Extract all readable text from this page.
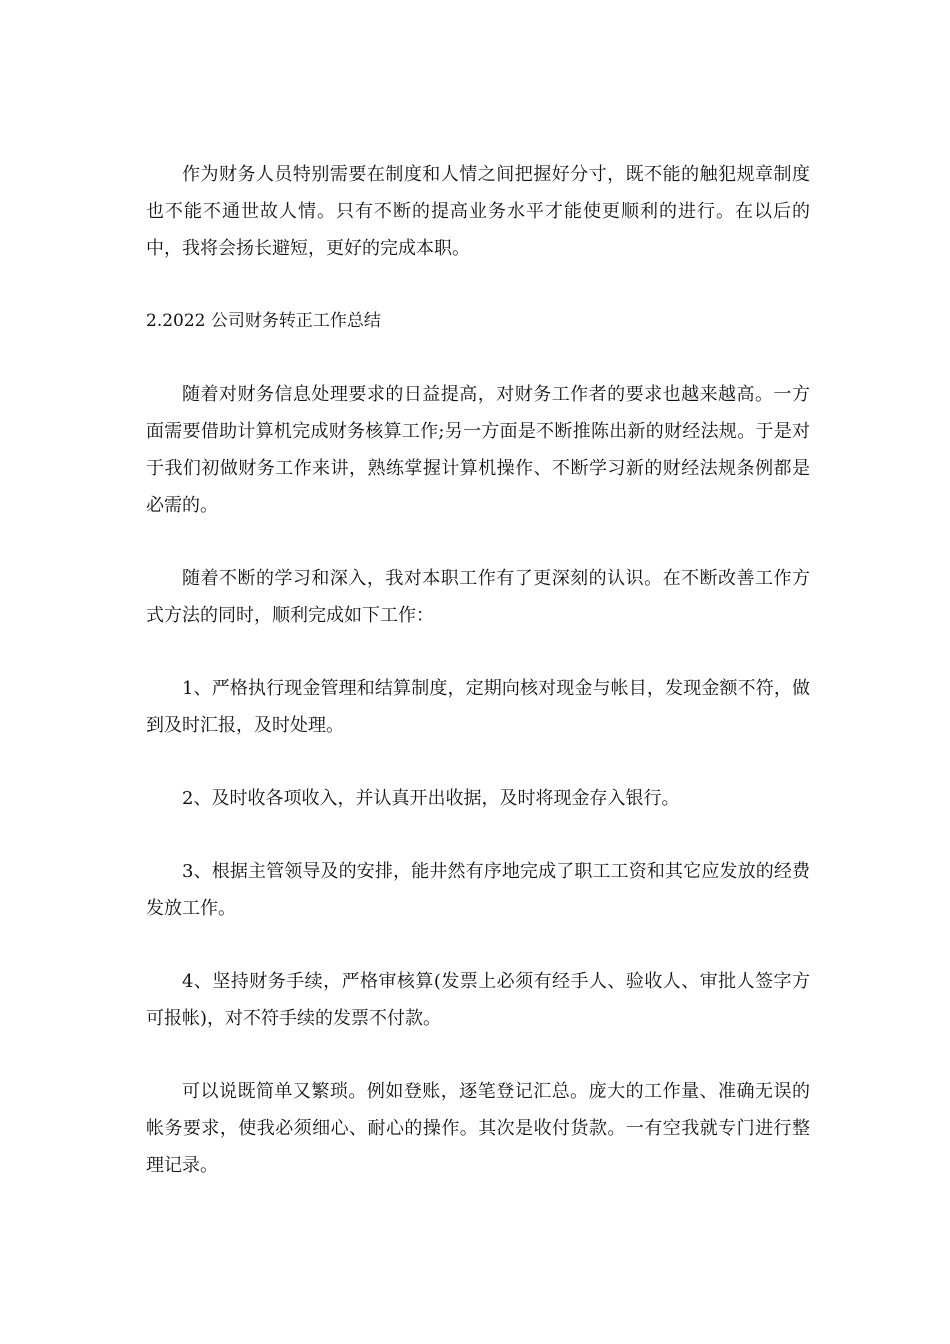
作为财务人员特别需要在制度和人情之间把握好分寸，既不能的触犯规章制度也不能不通世故人情。只有不断的提高业务水平才能使更顺利的进行。在以后的中，我将会扬长避短，更好的完成本职。

2.2022 公司财务转正工作总结

随着对财务信息处理要求的日益提高，对财务工作者的要求也越来越高。一方面需要借助计算机完成财务核算工作;另一方面是不断推陈出新的财经法规。于是对于我们初做财务工作来讲，熟练掌握计算机操作、不断学习新的财经法规条例都是必需的。

随着不断的学习和深入，我对本职工作有了更深刻的认识。在不断改善工作方式方法的同时，顺利完成如下工作：

1、严格执行现金管理和结算制度，定期向核对现金与帐目，发现金额不符，做到及时汇报，及时处理。

2、及时收各项收入，并认真开出收据，及时将现金存入银行。

3、根据主管领导及的安排，能井然有序地完成了职工工资和其它应发放的经费发放工作。

4、坚持财务手续，严格审核算(发票上必须有经手人、验收人、审批人签字方可报帐)，对不符手续的发票不付款。

可以说既简单又繁琐。例如登账，逐笔登记汇总。庞大的工作量、准确无误的帐务要求，使我必须细心、耐心的操作。其次是收付货款。一有空我就专门进行整理记录。
